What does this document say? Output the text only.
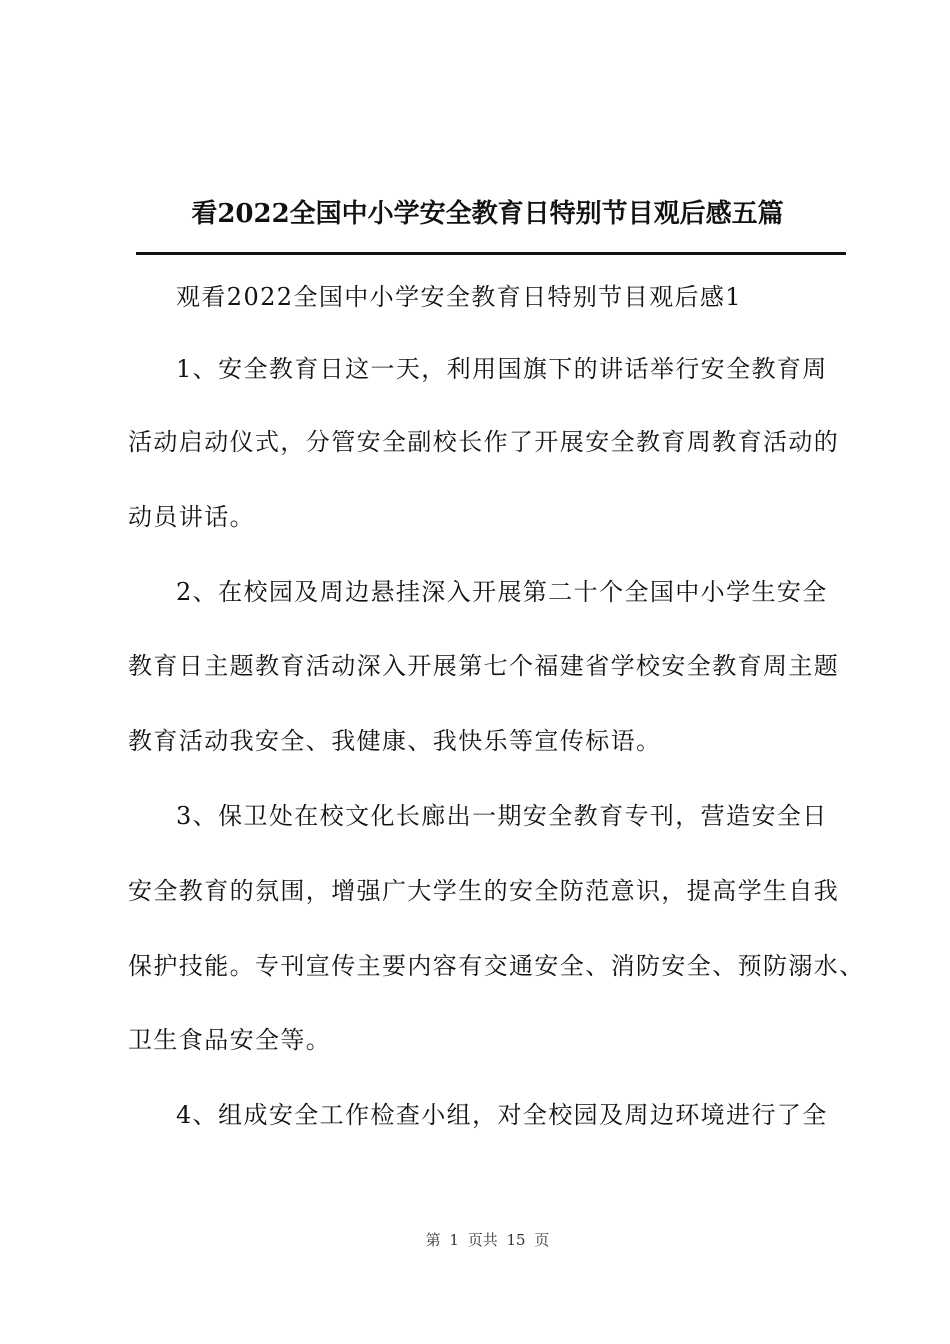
看2022全国中小学安全教育日特别节目观后感五篇
观看2022全国中小学安全教育日特别节目观后感1
1、安全教育日这一天，利用国旗下的讲话举行安全教育周
活动启动仪式，分管安全副校长作了开展安全教育周教育活动的
动员讲话。
2、在校园及周边悬挂深入开展第二十个全国中小学生安全
教育日主题教育活动深入开展第七个福建省学校安全教育周主题
教育活动我安全、我健康、我快乐等宣传标语。
3、保卫处在校文化长廊出一期安全教育专刊，营造安全日
安全教育的氛围，增强广大学生的安全防范意识，提高学生自我
保护技能。专刊宣传主要内容有交通安全、消防安全、预防溺水、
卫生食品安全等。
4、组成安全工作检查小组，对全校园及周边环境进行了全
第 1 页共 15 页
